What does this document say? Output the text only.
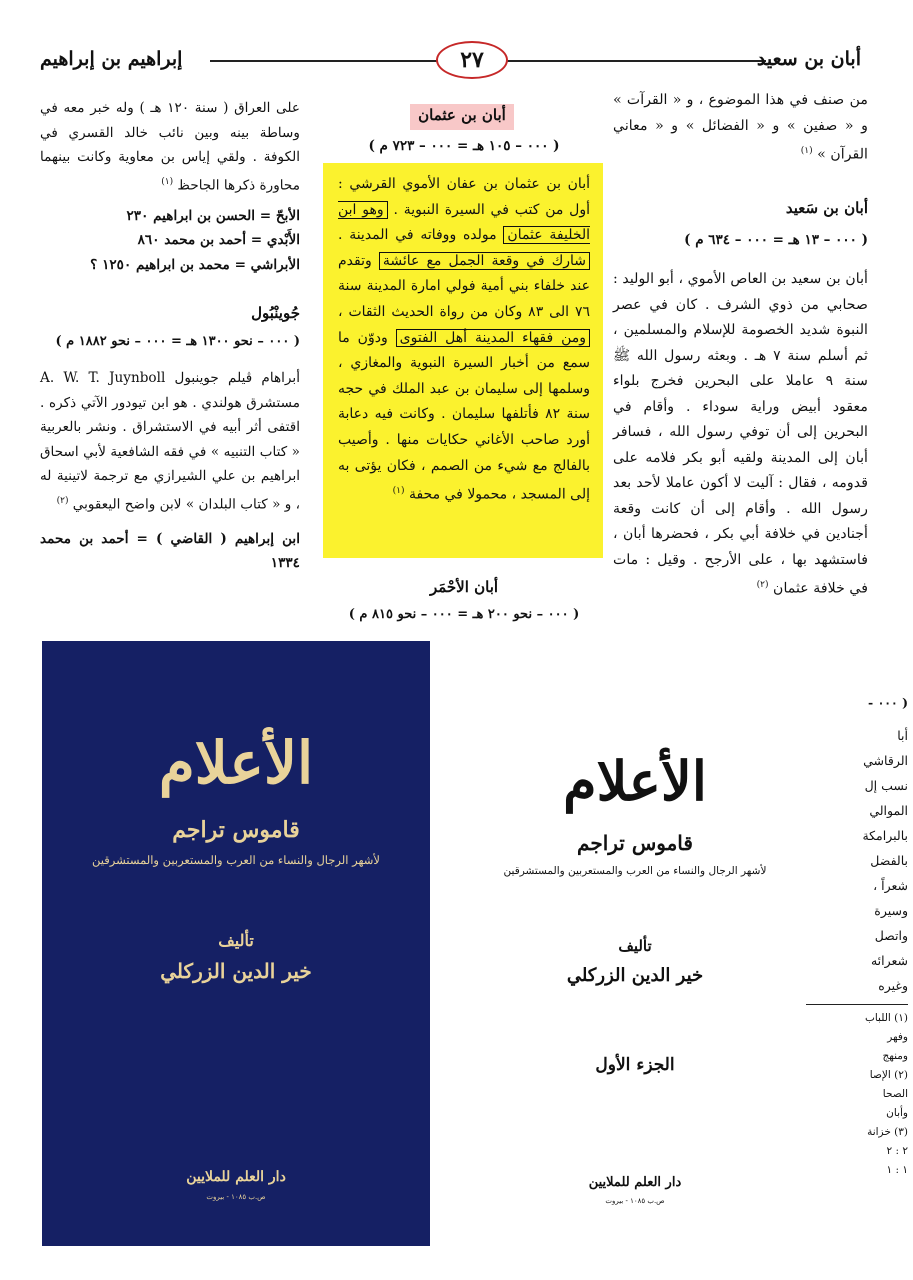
إبراهيم بن إبراهيم	٢٧	أبان بن سعيد
من صنف في هذا الموضوع ، و « القرآت » و « صفين » و « الفضائل » و « معاني القرآن » $^{(١)}$
أبان بن سَعيد
( ٠٠٠ – ١٣ هـ = ٠٠٠ – ٦٣٤ م )
أبان بن سعيد بن العاص الأموي ، أبو الوليد : صحابي من ذوي الشرف . كان في عصر النبوة شديد الخصومة للإسلام والمسلمين ، ثم أسلم سنة ٧ هـ . وبعثه رسول الله ﷺ سنة ٩ عاملا على البحرين فخرج بلواء معقود أبيض وراية سوداء . وأقام في البحرين إلى أن توفي رسول الله ، فسافر أبان إلى المدينة ولقيه أبو بكر فلامه على قدومه ، فقال : آليت لا أكون عاملا لأحد بعد رسول الله . وأقام إلى أن كانت وقعة أجنادين في خلافة أبي بكر ، فحضرها أبان ، فاستشهد بها ، على الأرجح . وقيل : مات في خلافة عثمان $^{(٢)}$
أبان بن عثمان
( ٠٠٠ – ١٠٥ هـ = ٠٠٠ – ٧٢٣ م )
أبان بن عثمان بن عفان الأموي القرشي : أول من كتب في السيرة النبوية . وهو ابن الخليفة عثمان مولده ووفاته في المدينة . شارك في وقعة الجمل مع عائشة وتقدم عند خلفاء بني أمية فولي امارة المدينة سنة ٧٦ الى ٨٣ وكان من رواة الحديث الثقات ، ومن فقهاء المدينة أهل الفتوى ودوّن ما سمع من أخبار السيرة النبوية والمغازي ، وسلمها إلى سليمان بن عبد الملك في حجه سنة ٨٢ فأتلفها سليمان . وكانت فيه دعابة أورد صاحب الأغاني حكايات منها . وأصيب بالفالج مع شيء من الصمم ، فكان يؤتى به إلى المسجد ، محمولا في محفة $^{(١)}$
أبان الأحْمَر
( ٠٠٠ – نحو ٢٠٠ هـ = ٠٠٠ – نحو ٨١٥ م )
على العراق ( سنة ١٢٠ هـ ) وله خبر معه في وساطة بينه وبين نائب خالد القسري في الكوفة . ولقي إياس بن معاوية وكانت بينهما محاورة ذكرها الجاحظ $^{(١)}$
الأبحّ = الحسن بن ابراهيم ٢٣٠
الأَبْدي = أحمد بن محمد ٨٦٠
الأبراشي = محمد بن ابراهيم ١٢٥٠ ؟
جُوينْبُول
( ٠٠٠ – نحو ١٣٠٠ هـ = ٠٠٠ – نحو ١٨٨٢ م )
أبراهام ڤيلم جوينبول A. W. T. Juynboll مستشرق هولندي . هو ابن تيودور الآتي ذكره . اقتفى أثر أبيه في الاستشراق . ونشر بالعربية « كتاب التنبيه » في فقه الشافعية لأبي اسحاق ابراهيم بن علي الشيرازي مع ترجمة لاتينية له ، و « كتاب البلدان » لابن واضح اليعقوبي $^{(٢)}$
ابن إبراهيم ( القاضي ) = أحمد بن محمد ١٣٣٤
الأعلام
قاموس تراجم
لأشهر الرجال والنساء من العرب والمستعربين والمستشرقين
تأليف
خير الدين الزركلي
دار العلم للملايين
ص.ب ١٠٨٥ - بيروت
الأعلام
قاموس تراجم
لأشهر الرجال والنساء من العرب والمستعربين والمستشرقين
تأليف
خير الدين الزركلي
الجزء الأول
دار العلم للملايين
ص.ب ١٠٨٥ - بيروت
( ٠٠٠ -
أبا
الرقاشي
نسب إل
الموالي
بالبرامكة
بالفضل
شعراً ،
وسيرة
واتصل
شعرائه
وغيره
(١) اللباب
وفهر
ومنهج
(٢) الإصا
الصحا
وأبان
(٣) خزانة
٢ : ٢
١ : ١
